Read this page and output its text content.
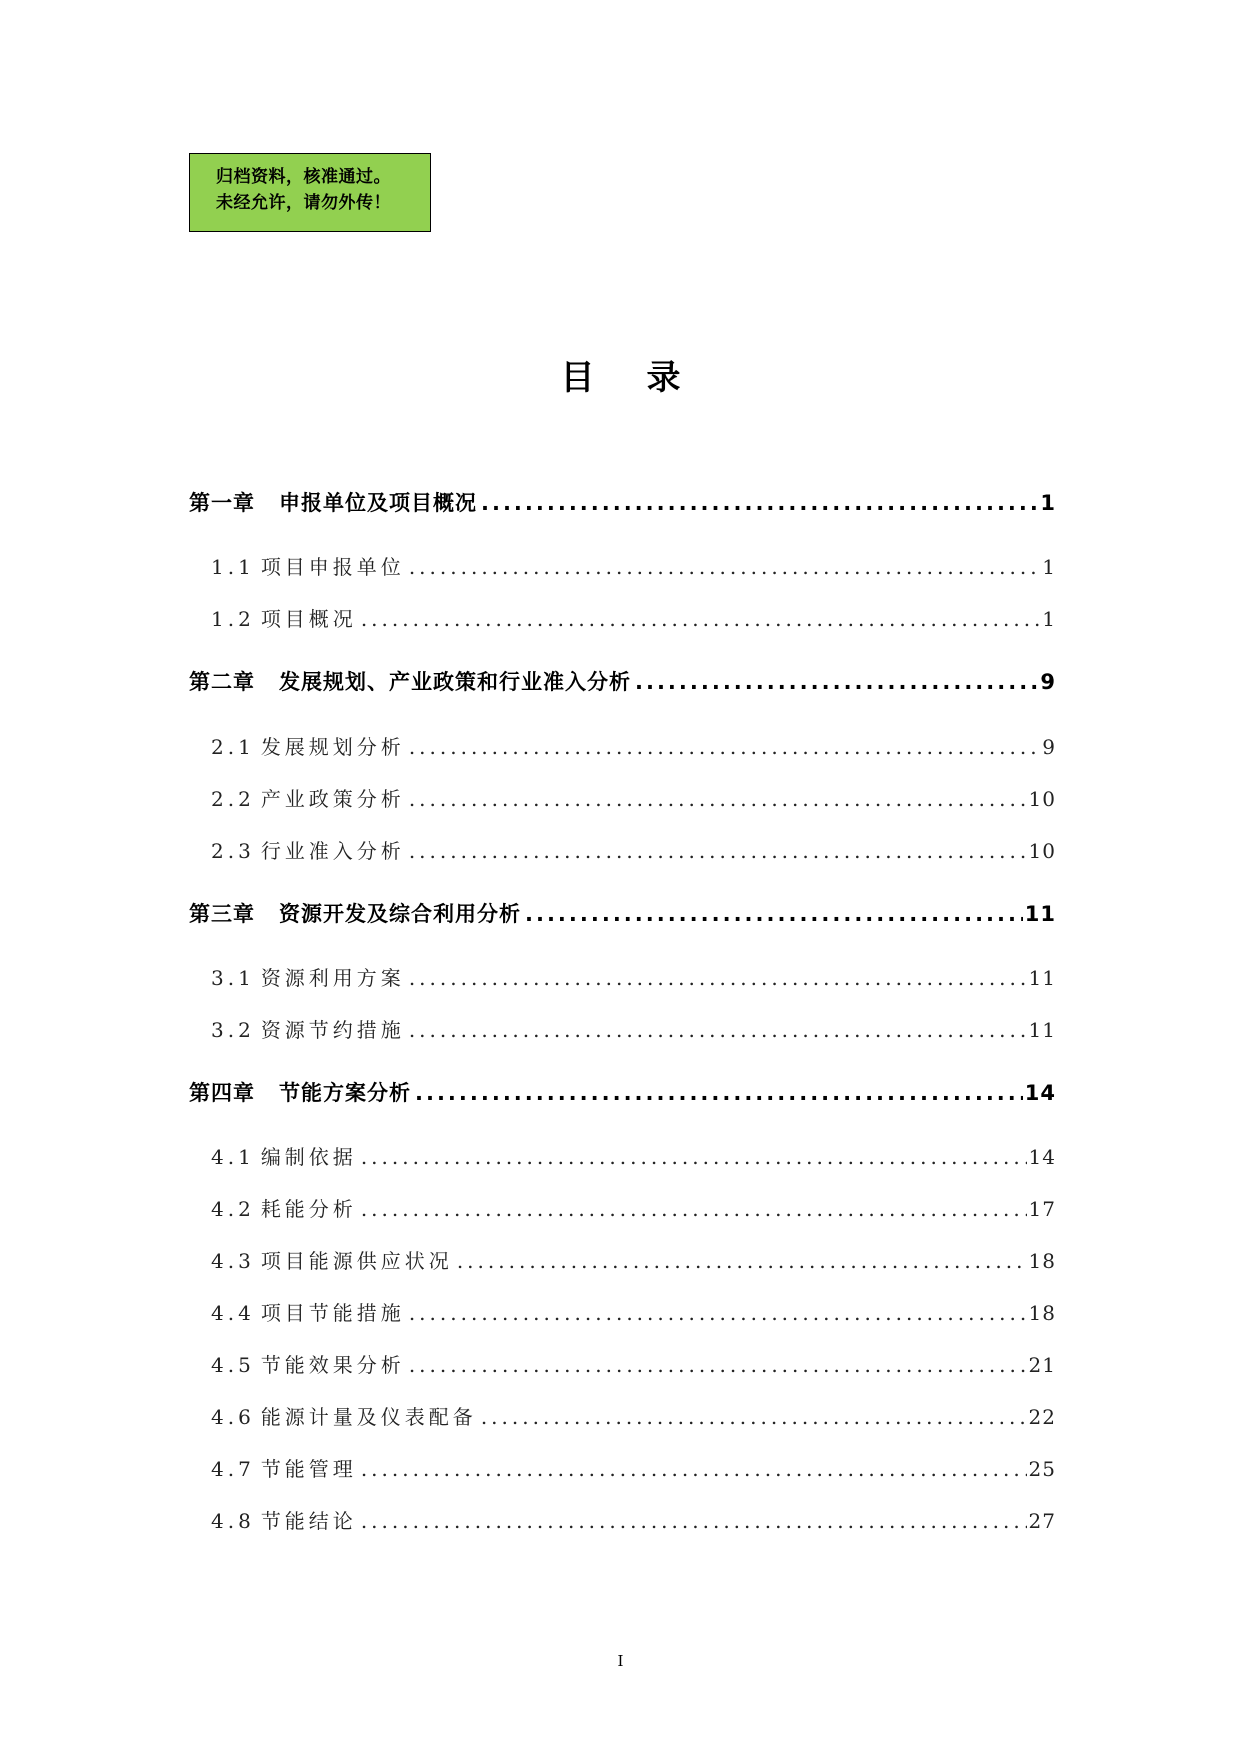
归档资料，核准通过。
未经允许，请勿外传！
目录
第一章 申报单位及项目概况 .....	1
1.1 项目申报单位 .....	1
1.2 项目概况 .....	1
第二章 发展规划、产业政策和行业准入分析 .....	9
2.1 发展规划分析 .....	9
2.2 产业政策分析 .....	10
2.3 行业准入分析 .....	10
第三章 资源开发及综合利用分析 .....	11
3.1 资源利用方案 .....	11
3.2 资源节约措施 .....	11
第四章 节能方案分析 .....	14
4.1 编制依据 .....	14
4.2 耗能分析 .....	17
4.3 项目能源供应状况 .....	18
4.4 项目节能措施 .....	18
4.5 节能效果分析 .....	21
4.6 能源计量及仪表配备 .....	22
4.7 节能管理 .....	25
4.8 节能结论 .....	27
I
